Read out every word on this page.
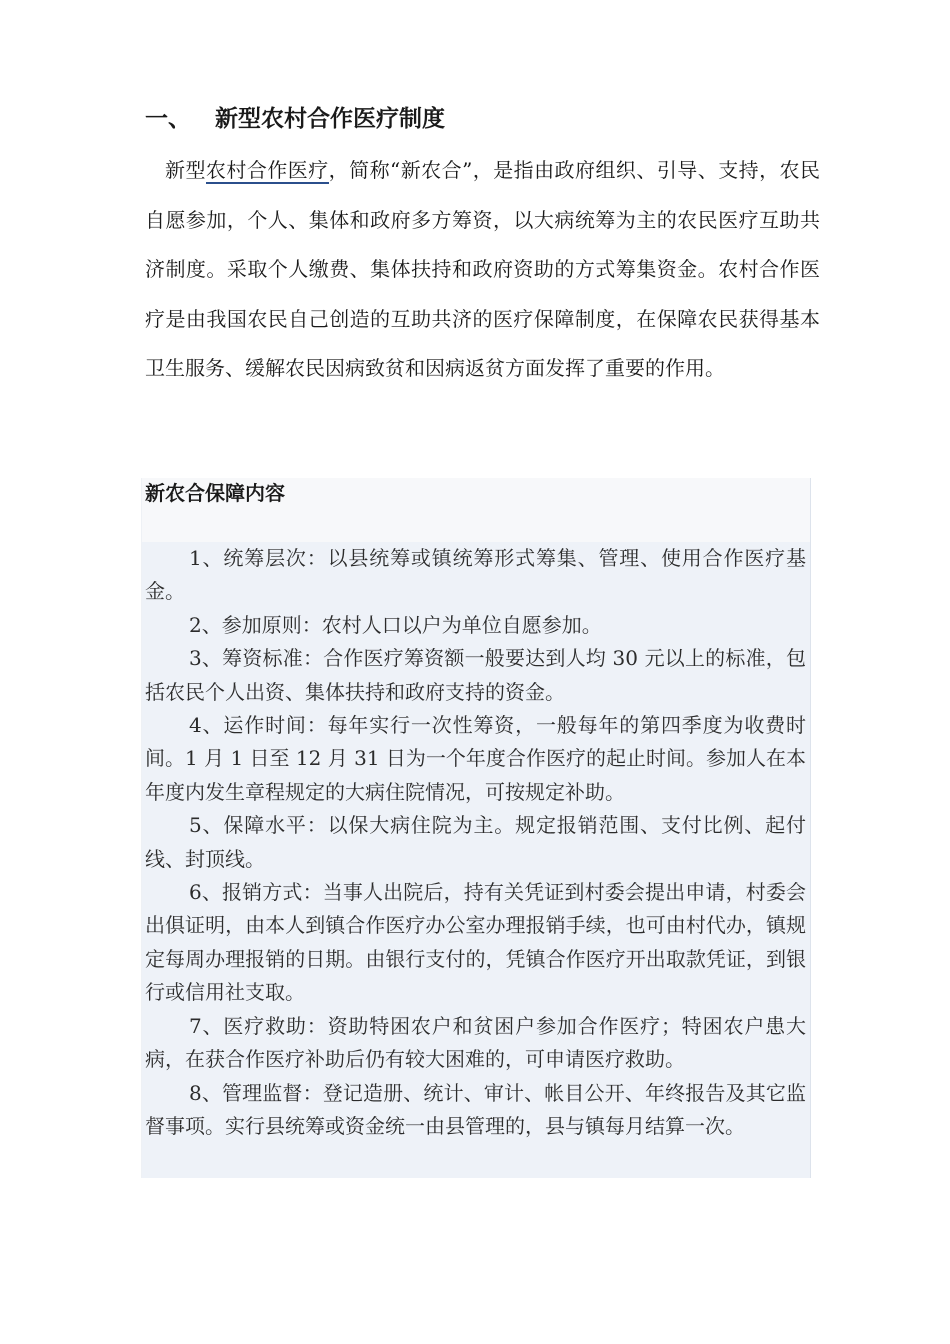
一、 新型农村合作医疗制度
新型农村合作医疗，简称“新农合”，是指由政府组织、引导、支持，农民自愿参加，个人、集体和政府多方筹资，以大病统筹为主的农民医疗互助共济制度。采取个人缴费、集体扶持和政府资助的方式筹集资金。农村合作医疗是由我国农民自己创造的互助共济的医疗保障制度，在保障农民获得基本卫生服务、缓解农民因病致贫和因病返贫方面发挥了重要的作用。
新农合保障内容

1、统筹层次：以县统筹或镇统筹形式筹集、管理、使用合作医疗基金。

2、参加原则：农村人口以户为单位自愿参加。

3、筹资标准：合作医疗筹资额一般要达到人均 30 元以上的标准，包括农民个人出资、集体扶持和政府支持的资金。

4、运作时间：每年实行一次性筹资，一般每年的第四季度为收费时间。1 月 1 日至 12 月 31 日为一个年度合作医疗的起止时间。参加人在本年度内发生章程规定的大病住院情况，可按规定补助。

5、保障水平：以保大病住院为主。规定报销范围、支付比例、起付线、封顶线。

6、报销方式：当事人出院后，持有关凭证到村委会提出申请，村委会出俱证明，由本人到镇合作医疗办公室办理报销手续，也可由村代办，镇规定每周办理报销的日期。由银行支付的，凭镇合作医疗开出取款凭证，到银行或信用社支取。

7、医疗救助：资助特困农户和贫困户参加合作医疗；特困农户患大病，在获合作医疗补助后仍有较大困难的，可申请医疗救助。

8、管理监督：登记造册、统计、审计、帐目公开、年终报告及其它监督事项。实行县统筹或资金统一由县管理的，县与镇每月结算一次。
